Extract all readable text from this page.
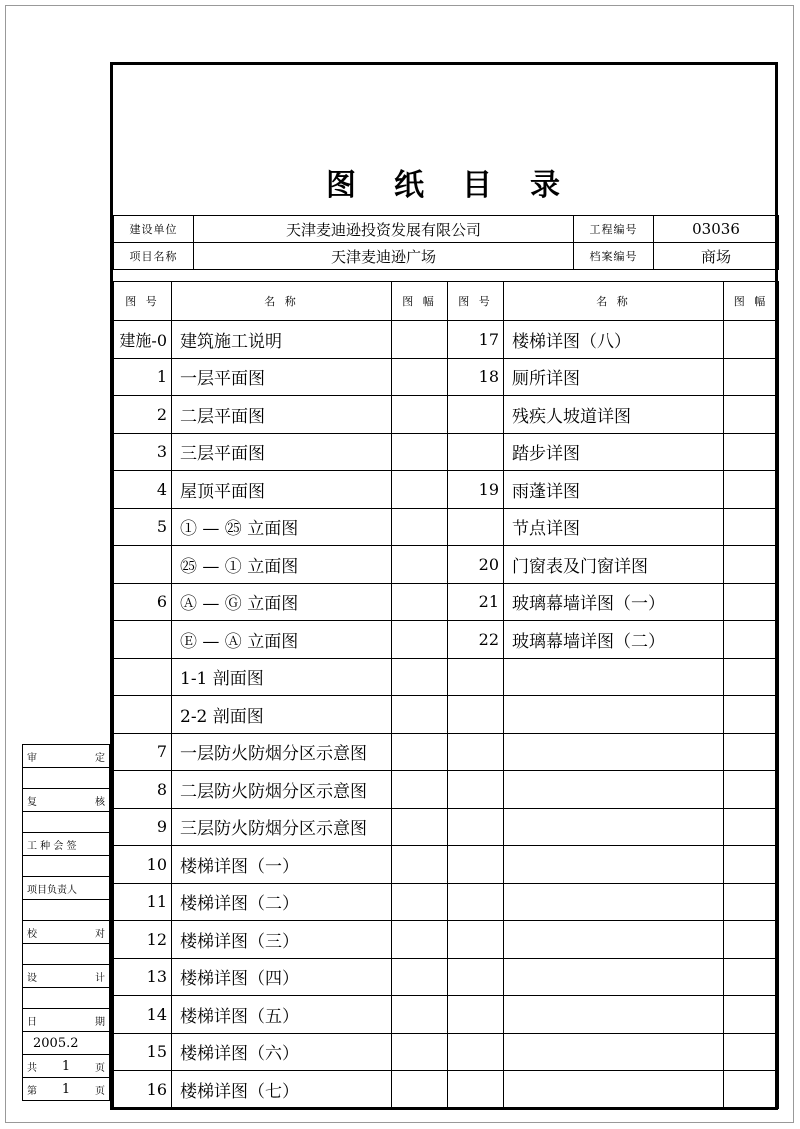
图 纸 目 录
建设单位	天津麦迪逊投资发展有限公司	工程编号	03036
项目名称	天津麦迪逊广场	档案编号	商场
图 号	名 称	图 幅	图 号	名 称	图 幅
建施-0	建筑施工说明		17	楼梯详图（八）	
1	一层平面图		18	厕所详图	
2	二层平面图			残疾人坡道详图	
3	三层平面图			踏步详图	
4	屋顶平面图		19	雨蓬详图	
5	① — ㉕ 立面图			节点详图	
	㉕ — ① 立面图		20	门窗表及门窗详图	
6	Ⓐ — Ⓖ 立面图		21	玻璃幕墙详图（一）	
	Ⓔ — Ⓐ 立面图		22	玻璃幕墙详图（二）	
	1-1 剖面图				
	2-2 剖面图				
7	一层防火防烟分区示意图				
8	二层防火防烟分区示意图				
9	三层防火防烟分区示意图				
10	楼梯详图（一）				
11	楼梯详图（二）				
12	楼梯详图（三）				
13	楼梯详图（四）				
14	楼梯详图（五）				
15	楼梯详图（六）				
16	楼梯详图（七）				
审	定

复	核

工 种 会 签

项目负责人

校	对

设	计

日	期

2005.2

共 1 页

第 1 页
